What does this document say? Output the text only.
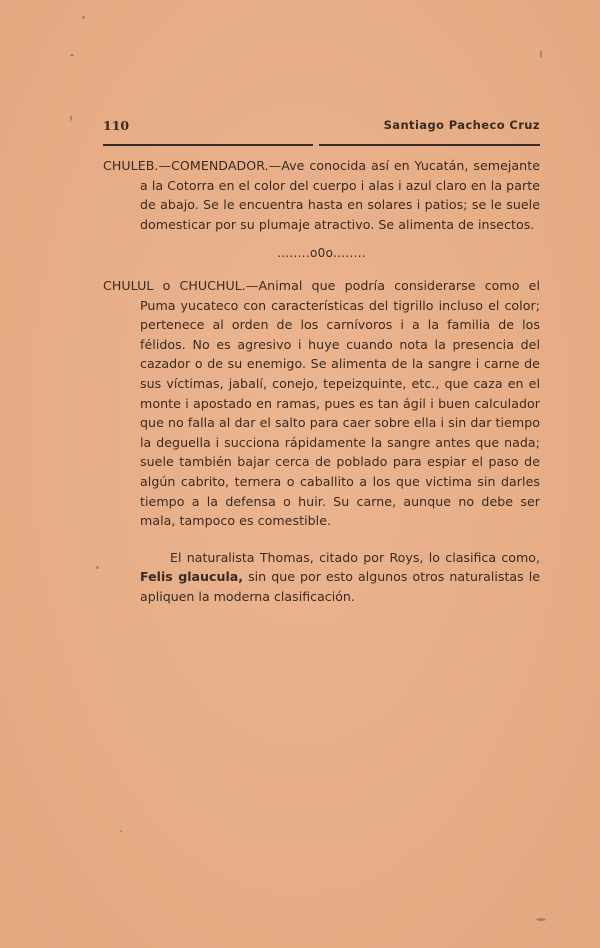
110	Santiago Pacheco Cruz

CHULEB.—COMENDADOR.—Ave conocida así en Yucatán, semejante a la Cotorra en el color del cuerpo i alas i azul claro en la parte de abajo. Se le encuentra hasta en solares i patios; se le suele domesticar por su plumaje atractivo. Se alimenta de insectos.

........o0o........

CHULUL o CHUCHUL.—Animal que podría considerarse como el Puma yucateco con características del tigrillo incluso el color; pertenece al orden de los carnívoros i a la familia de los félidos. No es agresivo i huye cuando nota la presencia del cazador o de su enemigo. Se alimenta de la sangre i carne de sus víctimas, jabalí, conejo, tepeizquinte, etc., que caza en el monte i apostado en ramas, pues es tan ágil i buen calculador que no falla al dar el salto para caer sobre ella i sin dar tiempo la deguella i succiona rápidamente la sangre antes que nada; suele también bajar cerca de poblado para espiar el paso de algún cabrito, ternera o caballito a los que victima sin darles tiempo a la defensa o huir. Su carne, aunque no debe ser mala, tampoco es comestible.

El naturalista Thomas, citado por Roys, lo clasifica como, Felis glaucula, sin que por esto algunos otros naturalistas le apliquen la moderna clasificación.
